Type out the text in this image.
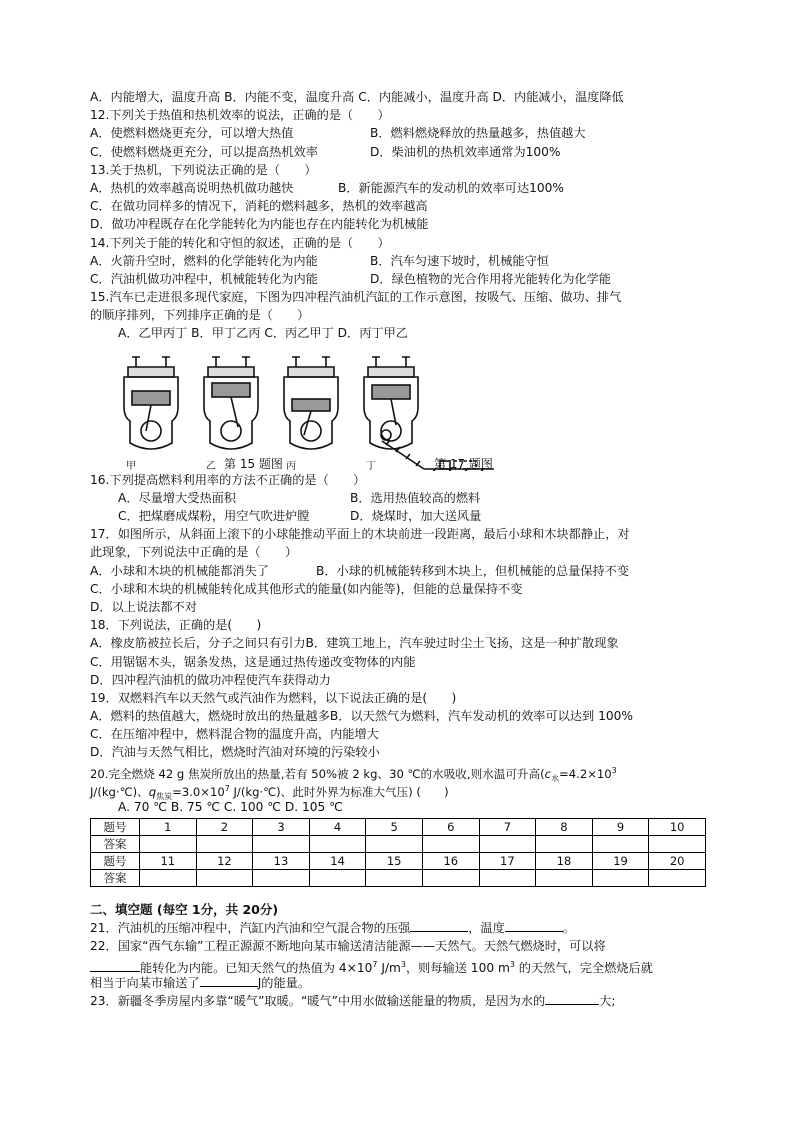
A．内能增大，温度升高 B．内能不变，温度升高 C．内能减小，温度升高 D．内能减小，温度降低
12.下列关于热值和热机效率的说法，正确的是（　　）
A．使燃料燃烧更充分，可以增大热值	B．燃料燃烧释放的热量越多，热值越大
C．使燃料燃烧更充分，可以提高热机效率	D．柴油机的热机效率通常为100%
13.关于热机，下列说法正确的是（　　）
A．热机的效率越高说明热机做功越快	B．新能源汽车的发动机的效率可达100%
C．在做功同样多的情况下，消耗的燃料越多，热机的效率越高
D．做功冲程既存在化学能转化为内能也存在内能转化为机械能
14.下列关于能的转化和守恒的叙述，正确的是（　　）
A．火箭升空时，燃料的化学能转化为内能	B．汽车匀速下坡时，机械能守恒
C．汽油机做功冲程中，机械能转化为内能	D．绿色植物的光合作用将光能转化为化学能
15.汽车已走进很多现代家庭，下图为四冲程汽油机汽缸的工作示意图，按吸气、压缩、做功、排气
的顺序排列，下列排序正确的是（　　）
A．乙甲丙丁 B．甲丁乙丙 C．丙乙甲丁 D．丙丁甲乙
甲	乙	丙	丁
第 15 题图	第 17 题图
16.下列提高燃料利用率的方法不正确的是（　　）
A．尽量增大受热面积	B．选用热值较高的燃料
C．把煤磨成煤粉，用空气吹进炉膛	D．烧煤时，加大送风量
17．如图所示，从斜面上滚下的小球能推动平面上的木块前进一段距离，最后小球和木块都静止，对
此现象，下列说法中正确的是（　　）
A．小球和木块的机械能都消失了	B．小球的机械能转移到木块上，但机械能的总量保持不变
C．小球和木块的机械能转化成其他形式的能量(如内能等)，但能的总量保持不变
D．以上说法都不对
18．下列说法，正确的是(　　)
A．橡皮筋被拉长后，分子之间只有引力B．建筑工地上，汽车驶过时尘土飞扬，这是一种扩散现象
C．用锯锯木头，锯条发热，这是通过热传递改变物体的内能
D．四冲程汽油机的做功冲程使汽车获得动力
19．双燃料汽车以天然气或汽油作为燃料，以下说法正确的是(　　)
A．燃料的热值越大，燃烧时放出的热量越多B．以天然气为燃料，汽车发动机的效率可以达到 100%
C．在压缩冲程中，燃料混合物的温度升高，内能增大
D．汽油与天然气相比，燃烧时汽油对环境的污染较小
20.完全燃烧 42 g 焦炭所放出的热量,若有 50%被 2 kg、30 ℃的水吸收,则水温可升高($c_水=4.2\times 10^3$
J/(kg·℃)、$q_{焦炭}=3.0\times 10^7$ J/(kg·℃)、此时外界为标准大气压) (　　)
A. 70 ℃ B. 75 ℃ C. 100 ℃ D. 105 ℃
题号	1	2	3	4	5	6	7	8	9	10
答案										
题号	11	12	13	14	15	16	17	18	19	20
答案										
二、填空题 (每空 1分，共 20分)
21．汽油机的压缩冲程中，汽缸内汽油和空气混合物的压强	，温度	。
22．国家“西气东输”工程正源源不断地向某市输送清洁能源——天然气。天然气燃烧时，可以将
能转化为内能。已知天然气的热值为 $4\times 10^7$ $J/m^3$，则每输送 100 $m^3$ 的天然气，完全燃烧后就
相当于向某市输送了	J的能量。
23．新疆冬季房屋内多靠“暖气”取暖。“暖气”中用水做输送能量的物质，是因为水的	大;
